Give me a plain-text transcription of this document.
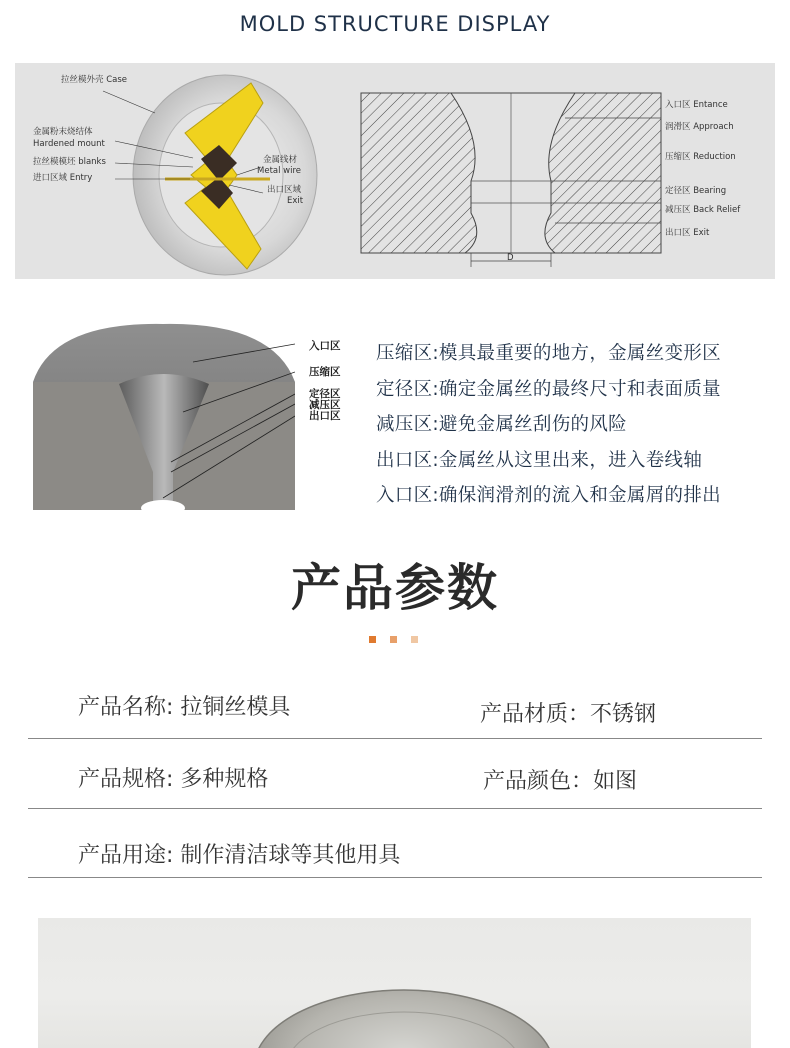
MOLD STRUCTURE DISPLAY
拉丝模外壳 Case
金属粉末烧结体
Hardened mount
拉丝模模坯 blanks
进口区域 Entry
金属线材
Metal wire
出口区域
Exit
入口区 Entance
润滑区 Approach
压缩区 Reduction
定径区 Bearing
减压区 Back Relief
出口区 Exit
D
入口区
压缩区
定径区
减压区
出口区
压缩区:模具最重要的地方，金属丝变形区
定径区:确定金属丝的最终尺寸和表面质量
减压区:避免金属丝刮伤的风险
出口区:金属丝从这里出来，进入卷线轴
入口区:确保润滑剂的流入和金属屑的排出
产品参数
产品名称: 拉铜丝模具	产品材质：不锈钢
产品规格: 多种规格	产品颜色：如图
产品用途: 制作清洁球等其他用具
